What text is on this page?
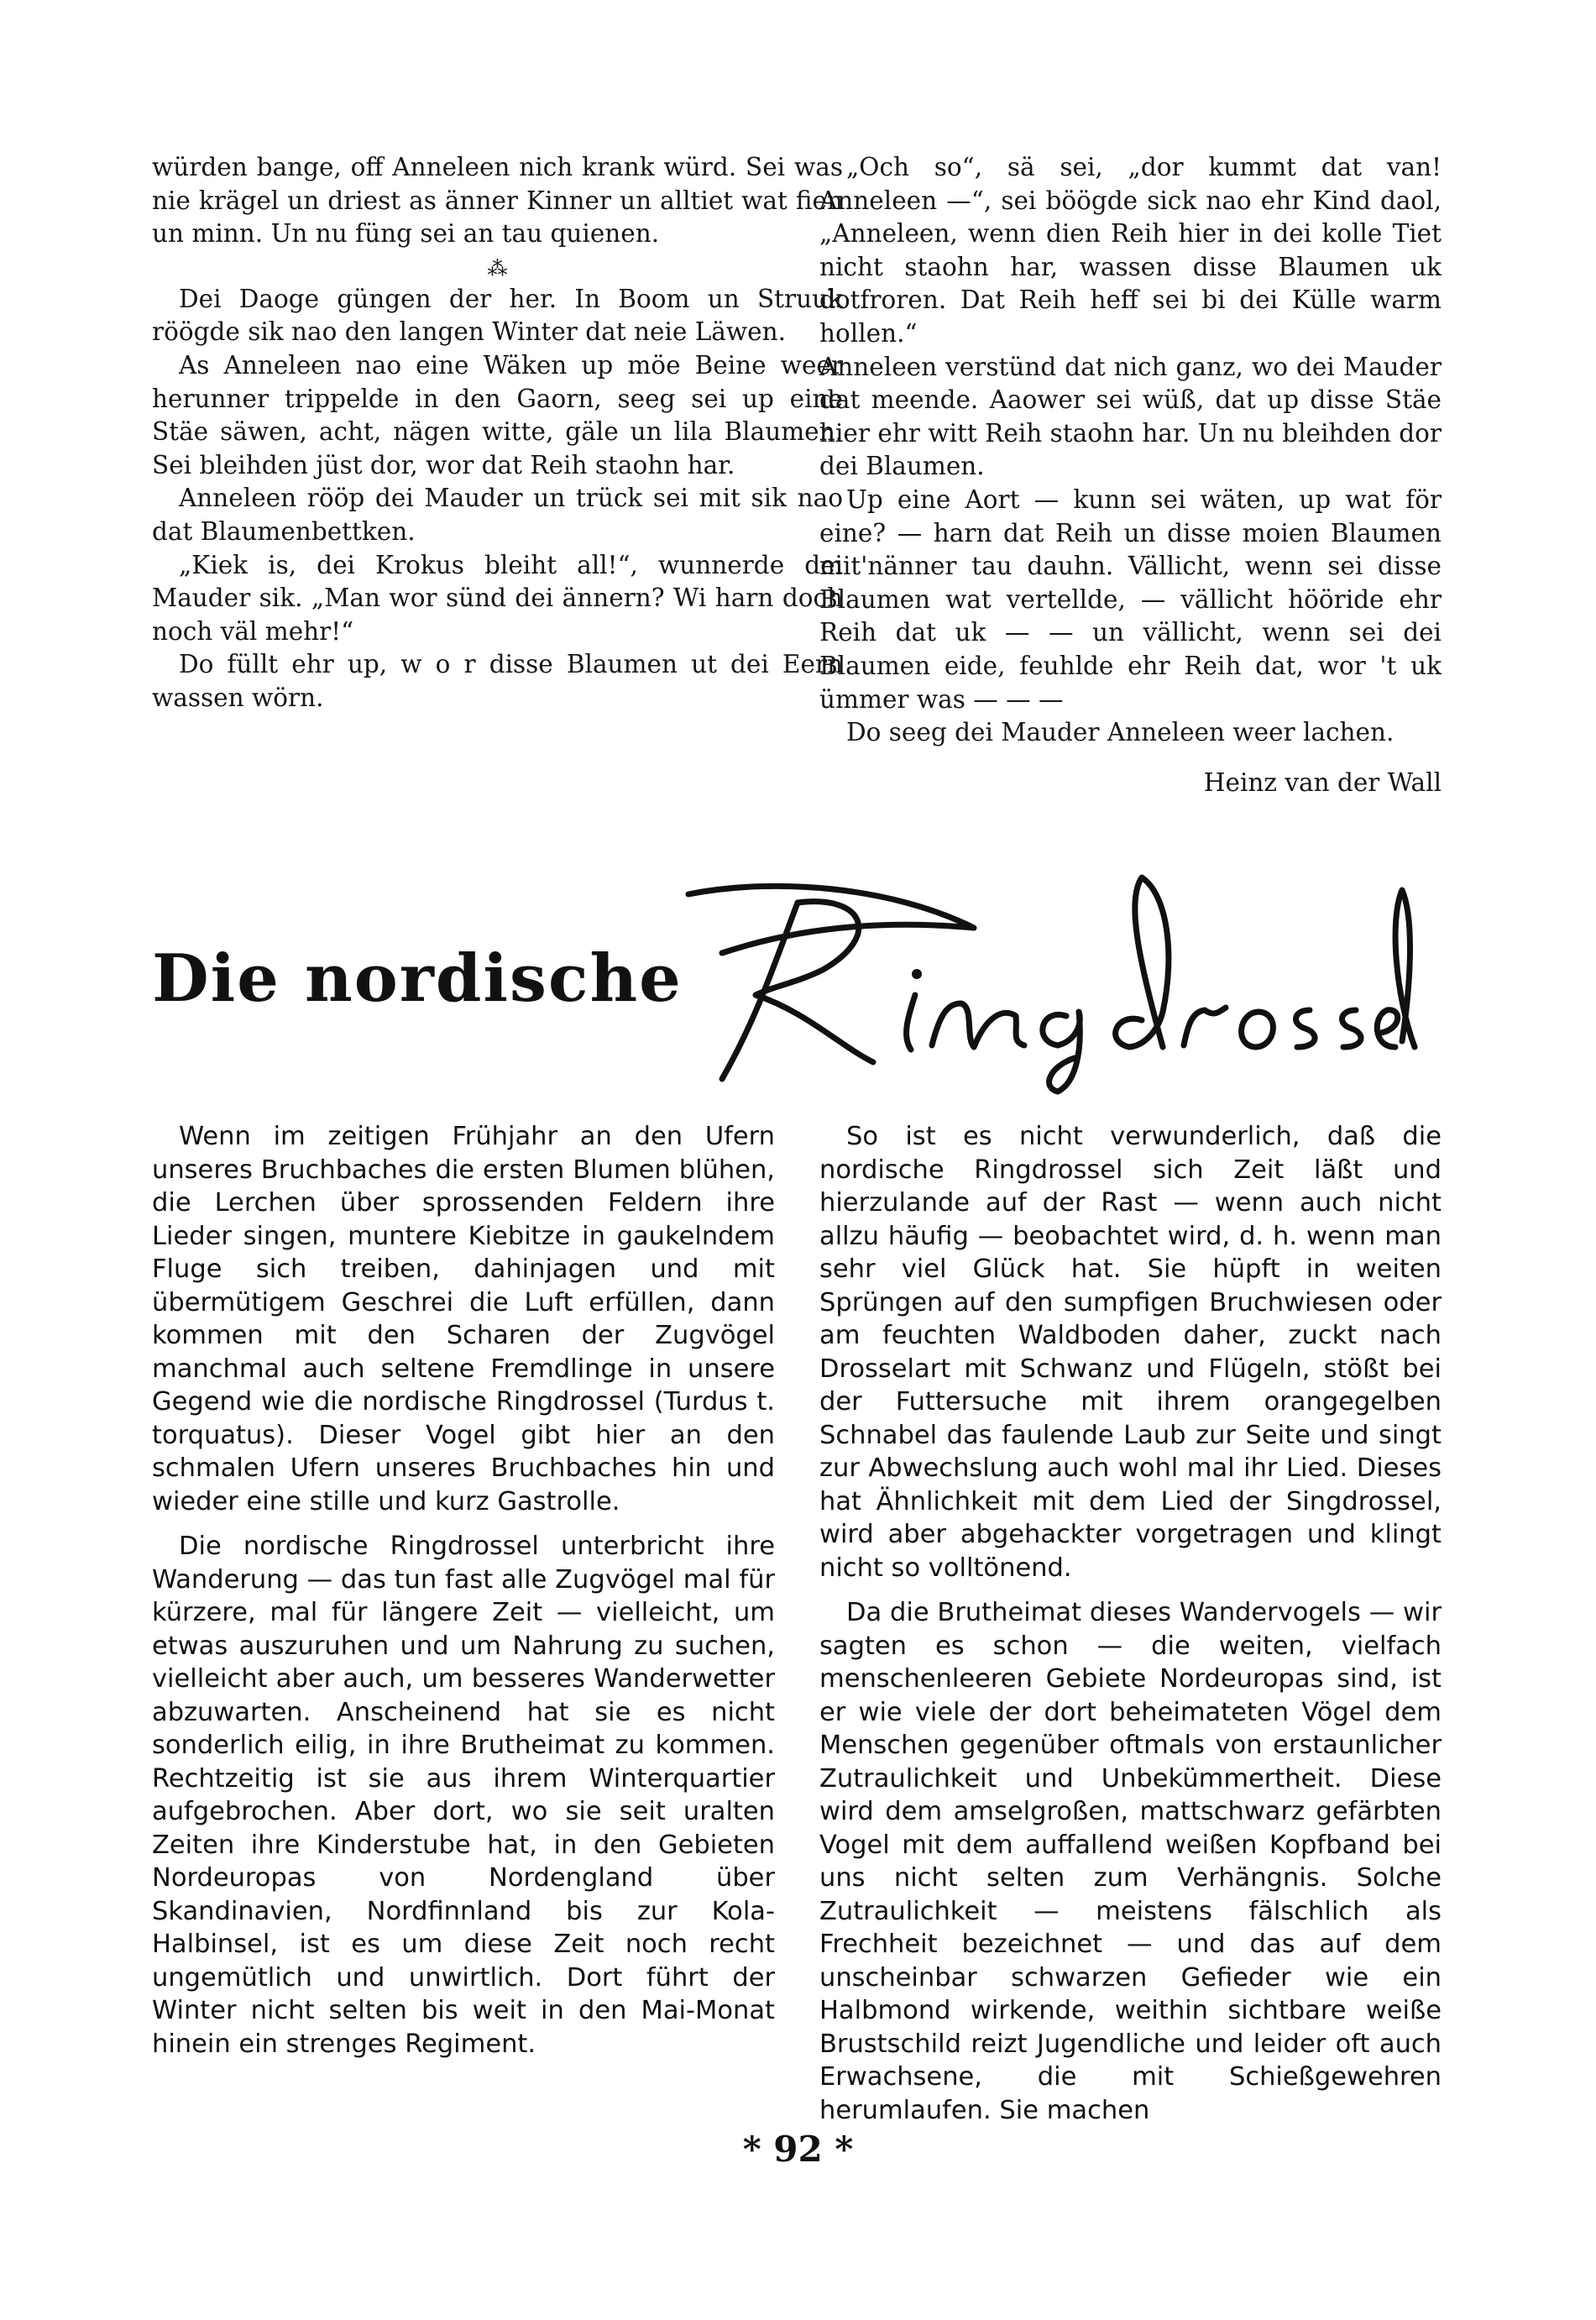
würden bange, off Anneleen nich krank würd. Sei was nie krägel un driest as änner Kinner un alltiet wat fien un minn. Un nu füng sei an tau quienen.

⁂

Dei Daoge güngen der her. In Boom un Struuk röögde sik nao den langen Winter dat neie Läwen.

As Anneleen nao eine Wäken up möe Beine weer herunner trippelde in den Gaorn, seeg sei up eine Stäe säwen, acht, nägen witte, gäle un lila Blaumen. Sei bleihden jüst dor, wor dat Reih staohn har.

Anneleen rööp dei Mauder un trück sei mit sik nao dat Blaumenbettken.

„Kiek is, dei Krokus bleiht all!“, wunnerde dei Mauder sik. „Man wor sünd dei ännern? Wi harn doch noch väl mehr!“

Do füllt ehr up, w o r disse Blaumen ut dei Eern wassen wörn.

„Och so“, sä sei, „dor kummt dat van! Anneleen —“, sei böögde sick nao ehr Kind daol, „Anneleen, wenn dien Reih hier in dei kolle Tiet nicht staohn har, wassen disse Blaumen uk dotfroren. Dat Reih heff sei bi dei Külle warm hollen.“

Anneleen verstünd dat nich ganz, wo dei Mauder dat meende. Aaower sei wüß, dat up disse Stäe hier ehr witt Reih staohn har. Un nu bleihden dor dei Blaumen.

Up eine Aort — kunn sei wäten, up wat för eine? — harn dat Reih un disse moien Blaumen mit'nänner tau dauhn. Vällicht, wenn sei disse Blaumen wat vertellde, — vällicht hööride ehr Reih dat uk — — un vällicht, wenn sei dei Blaumen eide, feuhlde ehr Reih dat, wor 't uk ümmer was — — —

Do seeg dei Mauder Anneleen weer lachen.

Heinz van der Wall

Die nordische
Ringdrossel

Wenn im zeitigen Frühjahr an den Ufern unseres Bruchbaches die ersten Blumen blühen, die Lerchen über sprossenden Feldern ihre Lieder singen, muntere Kiebitze in gaukelndem Fluge sich treiben, dahinjagen und mit übermütigem Geschrei die Luft erfüllen, dann kommen mit den Scharen der Zugvögel manchmal auch seltene Fremdlinge in unsere Gegend wie die nordische Ringdrossel (Turdus t. torquatus). Dieser Vogel gibt hier an den schmalen Ufern unseres Bruchbaches hin und wieder eine stille und kurz Gastrolle.

Die nordische Ringdrossel unterbricht ihre Wanderung — das tun fast alle Zugvögel mal für kürzere, mal für längere Zeit — vielleicht, um etwas auszuruhen und um Nahrung zu suchen, vielleicht aber auch, um besseres Wanderwetter abzuwarten. Anscheinend hat sie es nicht sonderlich eilig, in ihre Brutheimat zu kommen. Rechtzeitig ist sie aus ihrem Winterquartier aufgebrochen. Aber dort, wo sie seit uralten Zeiten ihre Kinderstube hat, in den Gebieten Nordeuropas von Nordengland über Skandinavien, Nordfinnland bis zur Kola-Halbinsel, ist es um diese Zeit noch recht ungemütlich und unwirtlich. Dort führt der Winter nicht selten bis weit in den Mai-Monat hinein ein strenges Regiment.

So ist es nicht verwunderlich, daß die nordische Ringdrossel sich Zeit läßt und hierzulande auf der Rast — wenn auch nicht allzu häufig — beobachtet wird, d. h. wenn man sehr viel Glück hat. Sie hüpft in weiten Sprüngen auf den sumpfigen Bruchwiesen oder am feuchten Waldboden daher, zuckt nach Drosselart mit Schwanz und Flügeln, stößt bei der Futtersuche mit ihrem orangegelben Schnabel das faulende Laub zur Seite und singt zur Abwechslung auch wohl mal ihr Lied. Dieses hat Ähnlichkeit mit dem Lied der Singdrossel, wird aber abgehackter vorgetragen und klingt nicht so volltönend.

Da die Brutheimat dieses Wandervogels — wir sagten es schon — die weiten, vielfach menschenleeren Gebiete Nordeuropas sind, ist er wie viele der dort beheimateten Vögel dem Menschen gegenüber oftmals von erstaunlicher Zutraulichkeit und Unbekümmertheit. Diese wird dem amselgroßen, mattschwarz gefärbten Vogel mit dem auffallend weißen Kopfband bei uns nicht selten zum Verhängnis. Solche Zutraulichkeit — meistens fälschlich als Frechheit bezeichnet — und das auf dem unscheinbar schwarzen Gefieder wie ein Halbmond wirkende, weithin sichtbare weiße Brustschild reizt Jugendliche und leider oft auch Erwachsene, die mit Schießgewehren herumlaufen. Sie machen

* 92 *
